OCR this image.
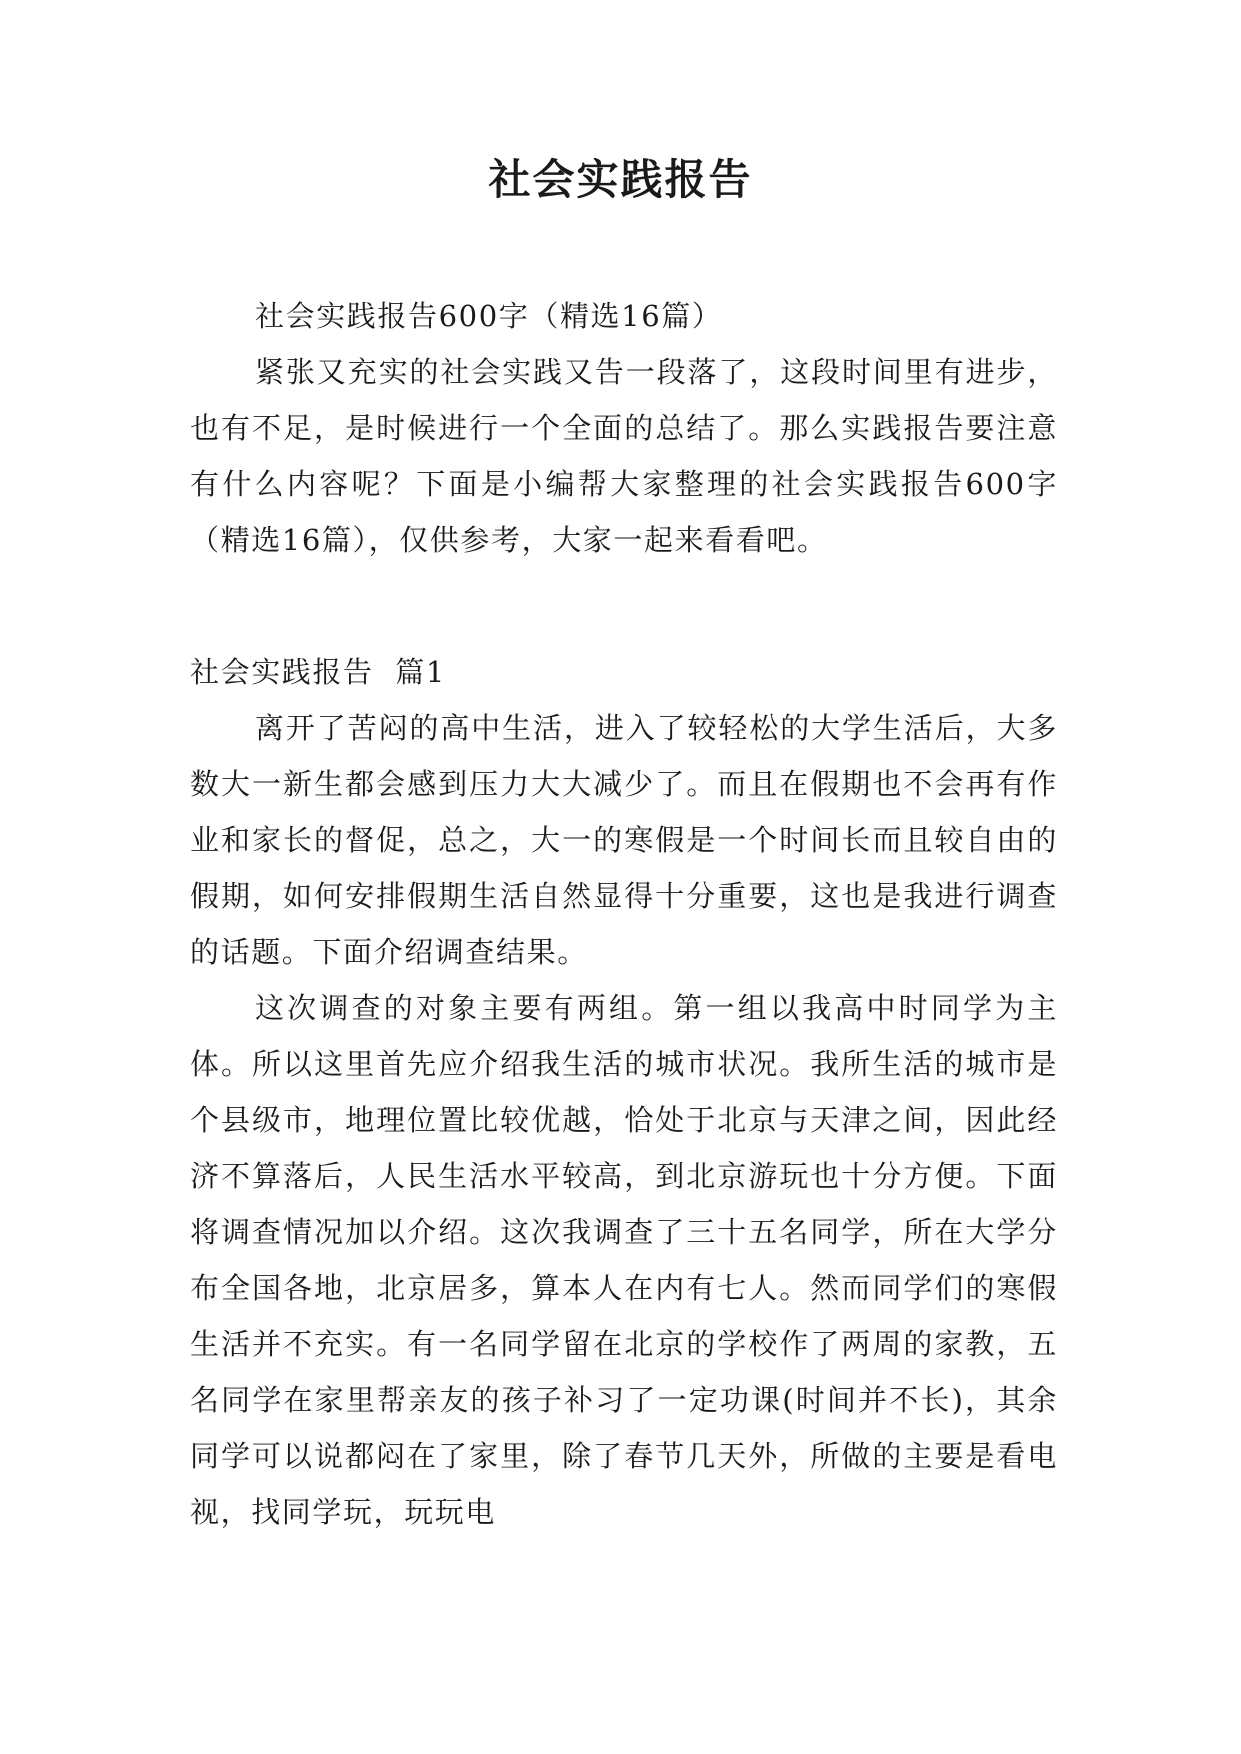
社会实践报告

社会实践报告600字（精选16篇）

紧张又充实的社会实践又告一段落了，这段时间里有进步，也有不足，是时候进行一个全面的总结了。那么实践报告要注意有什么内容呢？下面是小编帮大家整理的社会实践报告600字（精选16篇），仅供参考，大家一起来看看吧。

社会实践报告  篇1

离开了苦闷的高中生活，进入了较轻松的大学生活后，大多数大一新生都会感到压力大大减少了。而且在假期也不会再有作业和家长的督促，总之，大一的寒假是一个时间长而且较自由的假期，如何安排假期生活自然显得十分重要，这也是我进行调查的话题。下面介绍调查结果。

这次调查的对象主要有两组。第一组以我高中时同学为主体。所以这里首先应介绍我生活的城市状况。我所生活的城市是个县级市，地理位置比较优越，恰处于北京与天津之间，因此经济不算落后，人民生活水平较高，到北京游玩也十分方便。下面将调查情况加以介绍。这次我调查了三十五名同学，所在大学分布全国各地，北京居多，算本人在内有七人。然而同学们的寒假生活并不充实。有一名同学留在北京的学校作了两周的家教，五名同学在家里帮亲友的孩子补习了一定功课(时间并不长)，其余同学可以说都闷在了家里，除了春节几天外，所做的主要是看电视，找同学玩，玩玩电
